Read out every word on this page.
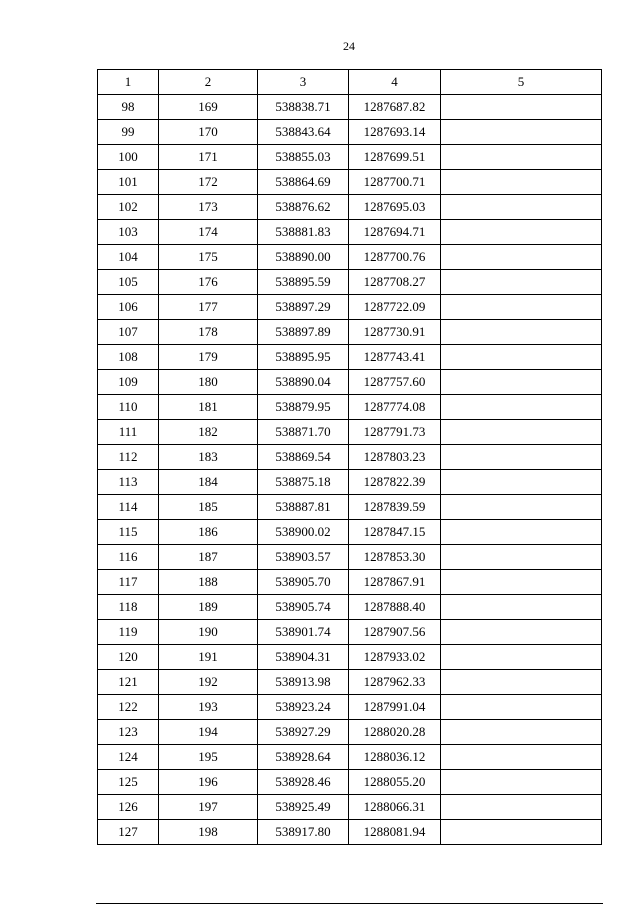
24
1	2	3	4	5
98	169	538838.71	1287687.82	
99	170	538843.64	1287693.14	
100	171	538855.03	1287699.51	
101	172	538864.69	1287700.71	
102	173	538876.62	1287695.03	
103	174	538881.83	1287694.71	
104	175	538890.00	1287700.76	
105	176	538895.59	1287708.27	
106	177	538897.29	1287722.09	
107	178	538897.89	1287730.91	
108	179	538895.95	1287743.41	
109	180	538890.04	1287757.60	
110	181	538879.95	1287774.08	
111	182	538871.70	1287791.73	
112	183	538869.54	1287803.23	
113	184	538875.18	1287822.39	
114	185	538887.81	1287839.59	
115	186	538900.02	1287847.15	
116	187	538903.57	1287853.30	
117	188	538905.70	1287867.91	
118	189	538905.74	1287888.40	
119	190	538901.74	1287907.56	
120	191	538904.31	1287933.02	
121	192	538913.98	1287962.33	
122	193	538923.24	1287991.04	
123	194	538927.29	1288020.28	
124	195	538928.64	1288036.12	
125	196	538928.46	1288055.20	
126	197	538925.49	1288066.31	
127	198	538917.80	1288081.94	
